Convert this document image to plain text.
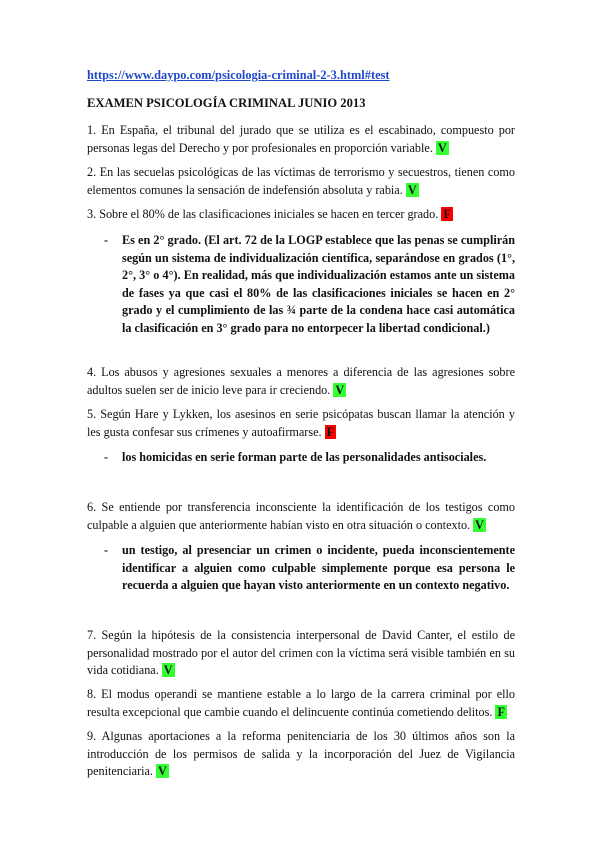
https://www.daypo.com/psicologia-criminal-2-3.html#test
EXAMEN PSICOLOGÍA CRIMINAL JUNIO 2013
1. En España, el tribunal del jurado que se utiliza es el escabinado, compuesto por personas legas del Derecho y por profesionales en proporción variable. V
2. En las secuelas psicológicas de las víctimas de terrorismo y secuestros, tienen como elementos comunes la sensación de indefensión absoluta y rabia. V
3. Sobre el 80% de las clasificaciones iniciales se hacen en tercer grado. F
- Es en 2° grado. (El art. 72 de la LOGP establece que las penas se cumplirán según un sistema de individualización científica, separándose en grados (1°, 2°, 3° o 4°). En realidad, más que individualización estamos ante un sistema de fases ya que casi el 80% de las clasificaciones iniciales se hacen en 2° grado y el cumplimiento de las ¾ parte de la condena hace casi automática la clasificación en 3° grado para no entorpecer la libertad condicional.)
4. Los abusos y agresiones sexuales a menores a diferencia de las agresiones sobre adultos suelen ser de inicio leve para ir creciendo. V
5. Según Hare y Lykken, los asesinos en serie psicópatas buscan llamar la atención y les gusta confesar sus crímenes y autoafirmarse. F
- los homicidas en serie forman parte de las personalidades antisociales.
6. Se entiende por transferencia inconsciente la identificación de los testigos como culpable a alguien que anteriormente habían visto en otra situación o contexto. V
- un testigo, al presenciar un crimen o incidente, pueda inconscientemente identificar a alguien como culpable simplemente porque esa persona le recuerda a alguien que hayan visto anteriormente en un contexto negativo.
7. Según la hipótesis de la consistencia interpersonal de David Canter, el estilo de personalidad mostrado por el autor del crimen con la víctima será visible también en su vida cotidiana. V
8. El modus operandi se mantiene estable a lo largo de la carrera criminal por ello resulta excepcional que cambie cuando el delincuente continúa cometiendo delitos. F
9. Algunas aportaciones a la reforma penitenciaria de los 30 últimos años son la introducción de los permisos de salida y la incorporación del Juez de Vigilancia penitenciaria. V
